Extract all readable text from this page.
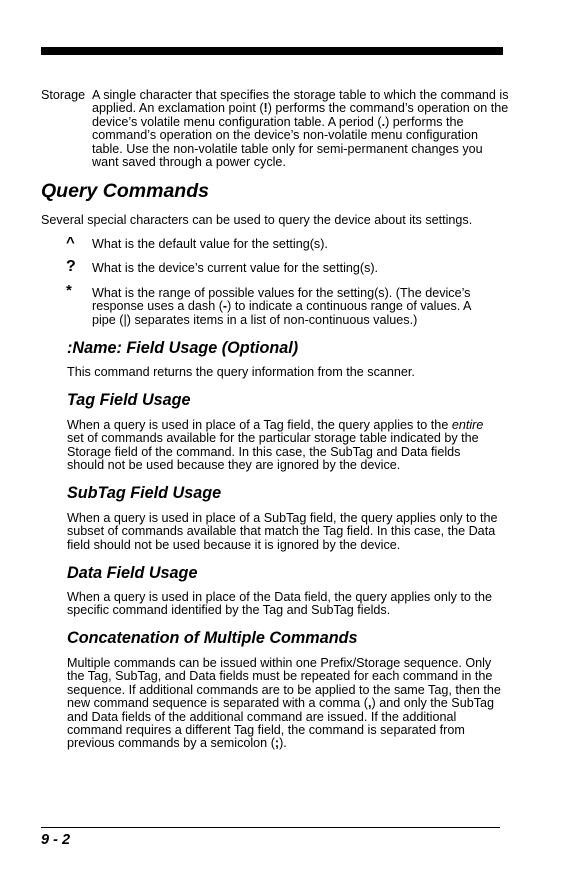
Storage A single character that specifies the storage table to which the command is applied. An exclamation point (!) performs the command’s operation on the device’s volatile menu configuration table. A period (.) performs the command’s operation on the device’s non-volatile menu configuration table. Use the non-volatile table only for semi-permanent changes you want saved through a power cycle.

Query Commands

Several special characters can be used to query the device about its settings.

^ What is the default value for the setting(s).

? What is the device’s current value for the setting(s).

* What is the range of possible values for the setting(s). (The device’s response uses a dash (-) to indicate a continuous range of values. A pipe (|) separates items in a list of non-continuous values.)

:Name: Field Usage (Optional)

This command returns the query information from the scanner.

Tag Field Usage

When a query is used in place of a Tag field, the query applies to the entire set of commands available for the particular storage table indicated by the Storage field of the command. In this case, the SubTag and Data fields should not be used because they are ignored by the device.

SubTag Field Usage

When a query is used in place of a SubTag field, the query applies only to the subset of commands available that match the Tag field. In this case, the Data field should not be used because it is ignored by the device.

Data Field Usage

When a query is used in place of the Data field, the query applies only to the specific command identified by the Tag and SubTag fields.

Concatenation of Multiple Commands

Multiple commands can be issued within one Prefix/Storage sequence. Only the Tag, SubTag, and Data fields must be repeated for each command in the sequence. If additional commands are to be applied to the same Tag, then the new command sequence is separated with a comma (,) and only the SubTag and Data fields of the additional command are issued. If the additional command requires a different Tag field, the command is separated from previous commands by a semicolon (;).

9 - 2
